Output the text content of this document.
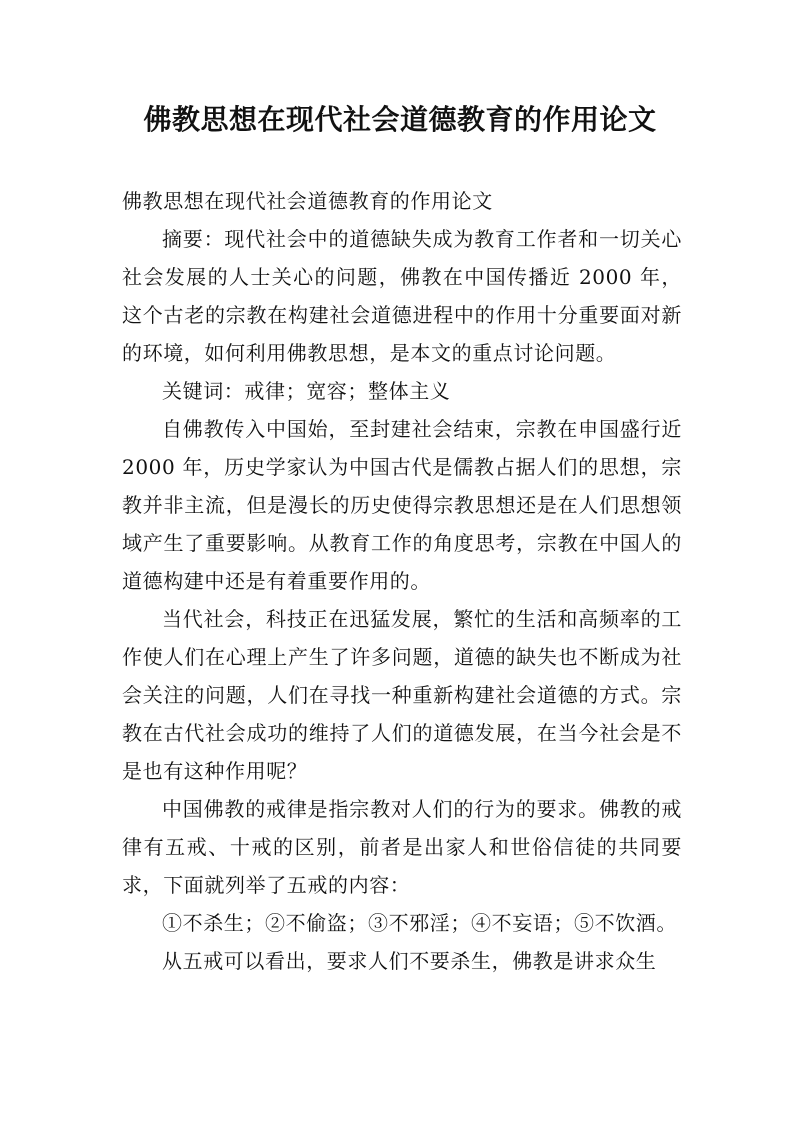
佛教思想在现代社会道德教育的作用论文

佛教思想在现代社会道德教育的作用论文

摘要：现代社会中的道德缺失成为教育工作者和一切关心社会发展的人士关心的问题，佛教在中国传播近 2000 年，这个古老的宗教在构建社会道德进程中的作用十分重要面对新的环境，如何利用佛教思想，是本文的重点讨论问题。

关键词：戒律；宽容；整体主义

自佛教传入中国始，至封建社会结束，宗教在申国盛行近 2000 年，历史学家认为中国古代是儒教占据人们的思想，宗教并非主流，但是漫长的历史使得宗教思想还是在人们思想领域产生了重要影响。从教育工作的角度思考，宗教在中国人的道德构建中还是有着重要作用的。

当代社会，科技正在迅猛发展，繁忙的生活和高频率的工作使人们在心理上产生了许多问题，道德的缺失也不断成为社会关注的问题，人们在寻找一种重新构建社会道德的方式。宗教在古代社会成功的维持了人们的道德发展，在当今社会是不是也有这种作用呢？

中国佛教的戒律是指宗教对人们的行为的要求。佛教的戒律有五戒、十戒的区别，前者是出家人和世俗信徒的共同要求，下面就列举了五戒的内容：

①不杀生；②不偷盗；③不邪淫；④不妄语；⑤不饮酒。

从五戒可以看出，要求人们不要杀生，佛教是讲求众生
